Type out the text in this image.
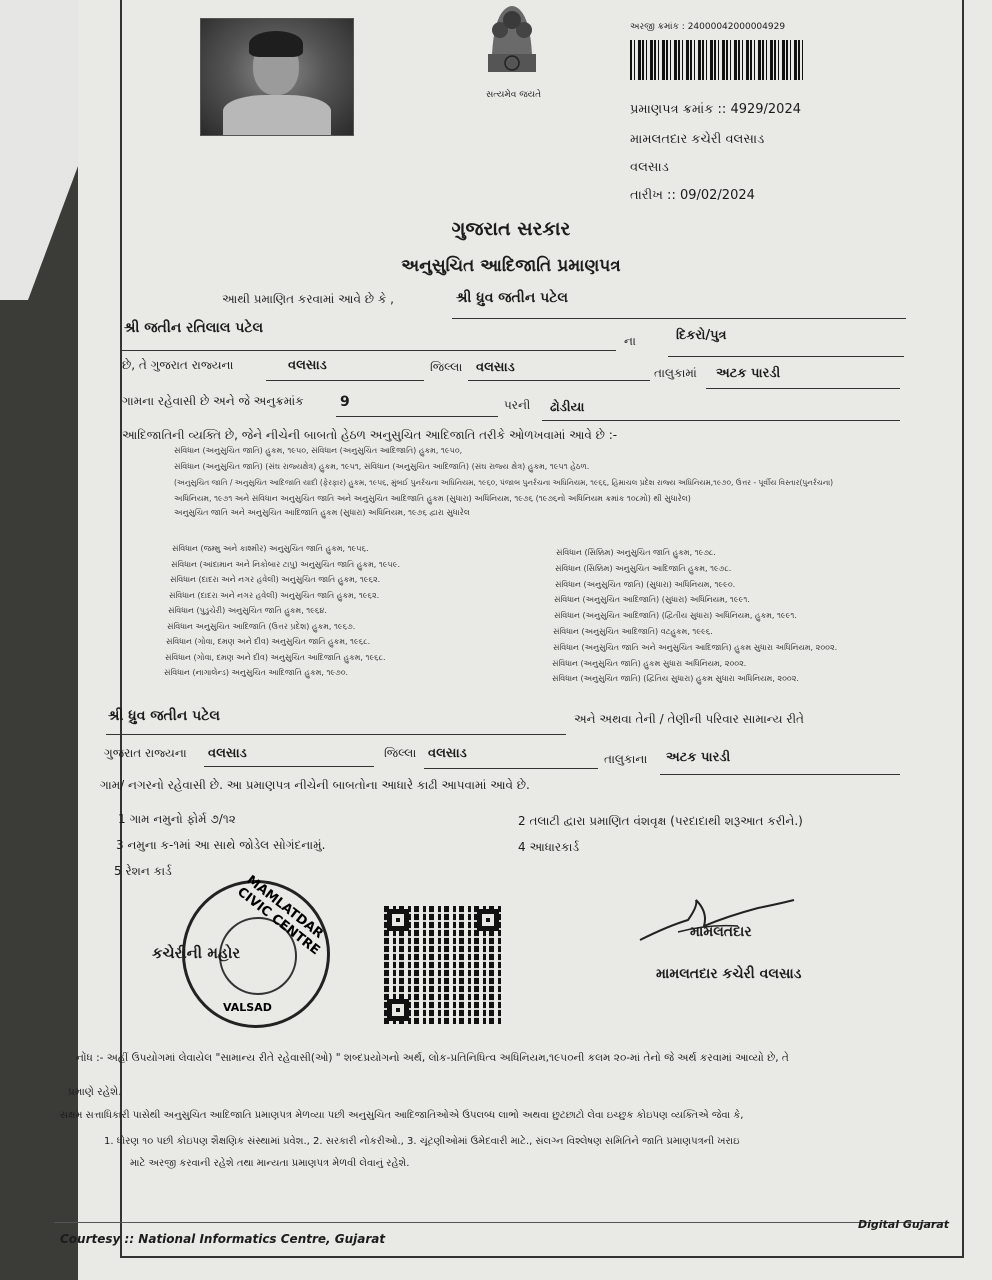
સત્યમેવ જયતે
અરજી ક્રમાંક : 24000042000004929
પ્રમાણપત્ર ક્રમાંક :: 4929/2024
મામલતદાર કચેરી વલસાડ
વલસાડ
તારીખ :: 09/02/2024
ગુજરાત સરકાર
અનુસુચિત આદિજાતિ પ્રમાણપત્ર
આથી પ્રમાણિત કરવામાં આવે છે કે ,	શ્રી ધ્રુવ જતીન પટેલ
શ્રી જતીન રતિલાલ પટેલ
ના	દિકરો/પુત્ર
છે, તે ગુજરાત રાજ્યના	વલસાડ	જિલ્લા વલસાડ	તાલુકામાં અટક પારડી
ગામના રહેવાસી છે અને જે અનુક્રમાંક	9	પરની ઢોડીયા
આદિજાતિની વ્યક્તિ છે, જેને નીચેની બાબતો હેઠળ અનુસુચિત આદિજાતિ તરીકે ઓળખવામાં આવે છે :-
સંવિધાન (અનુસુચિત જાતિ) હુકમ, ૧૯૫૦, સંવિધાન (અનુસુચિત આદિજાતિ) હુકમ, ૧૯૫૦,
સંવિધાન (અનુસુચિત જાતિ) (સંઘ રાજ્યક્ષેત્ર) હુકમ, ૧૯૫૧, સંવિધાન (અનુસુચિત આદિજાતિ) (સંઘ રાજ્ય ક્ષેત્ર) હુકમ, ૧૯૫૧ હેઠળ.
(અનુસુચિત જાતિ / અનુસુચિત આદિજાતિ યાદી (ફેરફાર) હુકમ, ૧૯૫૬, મુંબઈ પુનર્રચના અધિનિયમ, ૧૯૬૦, પંજાબ પુનર્રચના અધિનિયમ, ૧૯૬૬, હિમાચલ પ્રદેશ રાજ્ય અધિનિયમ,૧૯૭૦, ઉત્તર - પૂર્વીય વિસ્તાર(પુનર્રચના)
અધિનિયમ, ૧૯૭૧ અને સંવિધાન અનુસુચિત જાતિ અને અનુસુચિત આદિજાતિ હુકમ (સુધારા) અધિનિયમ, ૧૯૭૬ (૧૯૭૬નો અધિનિયમ ક્રમાંક ૧૦૮મો) થી સુધારેલ)
અનુસુચિત જાતિ અને અનુસુચિત આદિજાતિ હુકમ (સુધારા) અધિનિયમ, ૧૯૭૬ દ્વારા સુધારેલ
સંવિધાન (જમ્મુ અને કાશ્મીર) અનુસુચિત જાતિ હુકમ, ૧૯૫૬.
સંવિધાન (આંદામાન અને નિકોબાર ટાપુ) અનુસુચિત જાતિ હુકમ, ૧૯૫૯.
સંવિધાન (દાદરા અને નગર હવેલી) અનુસુચિત જાતિ હુકમ, ૧૯૬૨.
સંવિધાન (દાદરા અને નગર હવેલી) અનુસુચિત જાતિ હુકમ, ૧૯૬૨.
સંવિધાન (પુડુચેરી) અનુસુચિત જાતિ હુકમ, ૧૯૬૪.
સંવિધાન અનુસુચિત આદિજાતિ (ઉત્તર પ્રદેશ) હુકમ, ૧૯૬૭.
સંવિધાન (ગોવા, દમણ અને દીવ) અનુસુચિત જાતિ હુકમ, ૧૯૬૮.
સંવિધાન (ગોવા, દમણ અને દીવ) અનુસુચિત આદિજાતિ હુકમ, ૧૯૬૮.
સંવિધાન (નાગાલેન્ડ) અનુસુચિત આદિજાતિ હુકમ, ૧૯૭૦.
સંવિધાન (સિક્કિમ) અનુસુચિત જાતિ હુકમ, ૧૯૭૮.
સંવિધાન (સિક્કિમ) અનુસુચિત આદિજાતિ હુકમ, ૧૯૭૮.
સંવિધાન (અનુસુચિત જાતિ) (સુધારા) અધિનિયમ, ૧૯૯૦.
સંવિધાન (અનુસુચિત આદિજાતિ) (સુધારા) અધિનિયમ, ૧૯૯૧.
સંવિધાન (અનુસુચિત આદિજાતિ) (દ્વિતીય સુધારા) અધિનિયમ, હુકમ, ૧૯૯૧.
સંવિધાન (અનુસુચિત આદિજાતિ) વટહુકમ, ૧૯૯૬.
સંવિધાન (અનુસુચિત જાતિ અને અનુસુચિત આદિજાતિ) હુકમ સુધારા અધિનિયમ, ૨૦૦૨.
સંવિધાન (અનુસુચિત જાતિ) હુકમ સુધારા અધિનિયમ, ૨૦૦૨.
સંવિધાન (અનુસુચિત જાતિ) (દ્વિતિય સુધારા) હુકમ સુધારા અધિનિયમ, ૨૦૦૨.
શ્રી ધ્રુવ જતીન પટેલ	અને અથવા તેની / તેણીની પરિવાર સામાન્ય રીતે
ગુજરાત રાજ્યના વલસાડ	જિલ્લા વલસાડ	તાલુકાના અટક પારડી
ગામ/ નગરનો રહેવાસી છે. આ પ્રમાણપત્ર નીચેની બાબતોના આધારે કાઢી આપવામાં આવે છે.
1 ગામ નમુનો ફોર્મ ૭/૧૨	2 તલાટી દ્વારા પ્રમાણિત વંશવૃક્ષ (પરદાદાથી શરૂઆત કરીને.)
3 નમુના ક-૧માં આ સાથે જોડેલ સોગંદનામું.	4 આધારકાર્ડ
5 રેશન કાર્ડ
MAMLATDAR CIVIC CENTRE
VALSAD
કચેરીની મહોર
મામલતદાર
મામલતદાર કચેરી વલસાડ
નોંધ :- અહીં ઉપયોગમાં લેવાયેલ "સામાન્ય રીતે રહેવાસી(ઓ) " શબ્દપ્રયોગનો અર્થ, લોક-પ્રતિનિધિત્વ અધિનિયમ,૧૯૫૦ની કલમ ૨૦-માં તેનો જે અર્થ કરવામાં આવ્યો છે, તે
પ્રમાણે રહેશે.
સક્ષમ સત્તાધિકારી પાસેથી અનુસુચિત આદિજાતિ પ્રમાણપત્ર મેળવ્યા પછી અનુસુચિત આદિજાતિઓએ ઉપલબ્ધ લાભો અથવા છુટછાટો લેવા ઇચ્છુક કોઇપણ વ્યક્તિએ જેવા કે,
1. ધોરણ ૧૦ પછી કોઇપણ શૈક્ષણિક સંસ્થામાં પ્રવેશ., 2. સરકારી નોકરીઓ., 3. ચૂંટણીઓમાં ઉમેદવારી માટે., સંલગ્ન વિશ્લેષણ સમિતિને જાતિ પ્રમાણપત્રની ખરાઇ
માટે અરજી કરવાની રહેશે તથા માન્યતા પ્રમાણપત્ર મેળવી લેવાનું રહેશે.
Courtesy :: National Informatics Centre, Gujarat
Digital Gujarat
